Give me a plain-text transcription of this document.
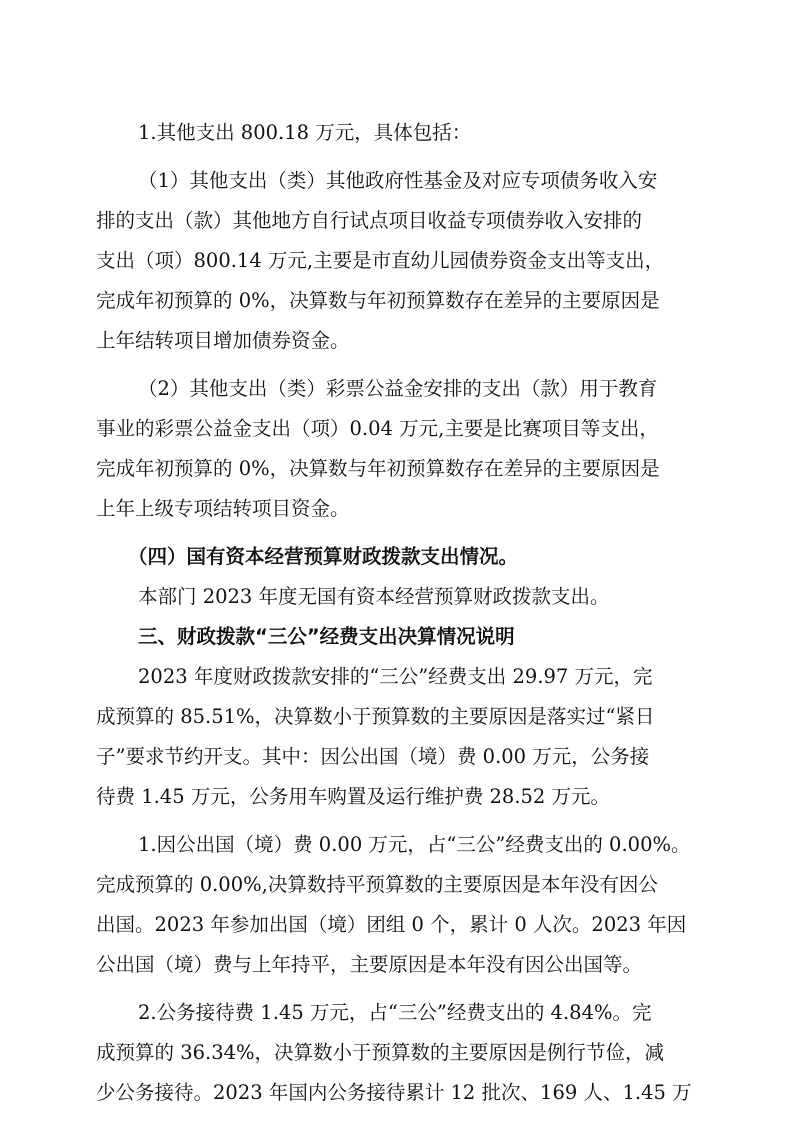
1.其他支出 800.18 万元，具体包括：
（1）其他支出（类）其他政府性基金及对应专项债务收入安
排的支出（款）其他地方自行试点项目收益专项债券收入安排的
支出（项）800.14 万元,主要是市直幼儿园债券资金支出等支出，
完成年初预算的 0%，决算数与年初预算数存在差异的主要原因是
上年结转项目增加债券资金。
（2）其他支出（类）彩票公益金安排的支出（款）用于教育
事业的彩票公益金支出（项）0.04 万元,主要是比赛项目等支出，
完成年初预算的 0%，决算数与年初预算数存在差异的主要原因是
上年上级专项结转项目资金。
（四）国有资本经营预算财政拨款支出情况。
本部门 2023 年度无国有资本经营预算财政拨款支出。
三、财政拨款“三公”经费支出决算情况说明
2023 年度财政拨款安排的“三公”经费支出 29.97 万元，完
成预算的 85.51%，决算数小于预算数的主要原因是落实过“紧日
子”要求节约开支。其中：因公出国（境）费 0.00 万元，公务接
待费 1.45 万元，公务用车购置及运行维护费 28.52 万元。
1.因公出国（境）费 0.00 万元，占“三公”经费支出的 0.00%。
完成预算的 0.00%,决算数持平预算数的主要原因是本年没有因公
出国。2023 年参加出国（境）团组 0 个，累计 0 人次。2023 年因
公出国（境）费与上年持平，主要原因是本年没有因公出国等。
2.公务接待费 1.45 万元，占“三公”经费支出的 4.84%。完
成预算的 36.34%，决算数小于预算数的主要原因是例行节俭，减
少公务接待。2023 年国内公务接待累计 12 批次、169 人、1.45 万
